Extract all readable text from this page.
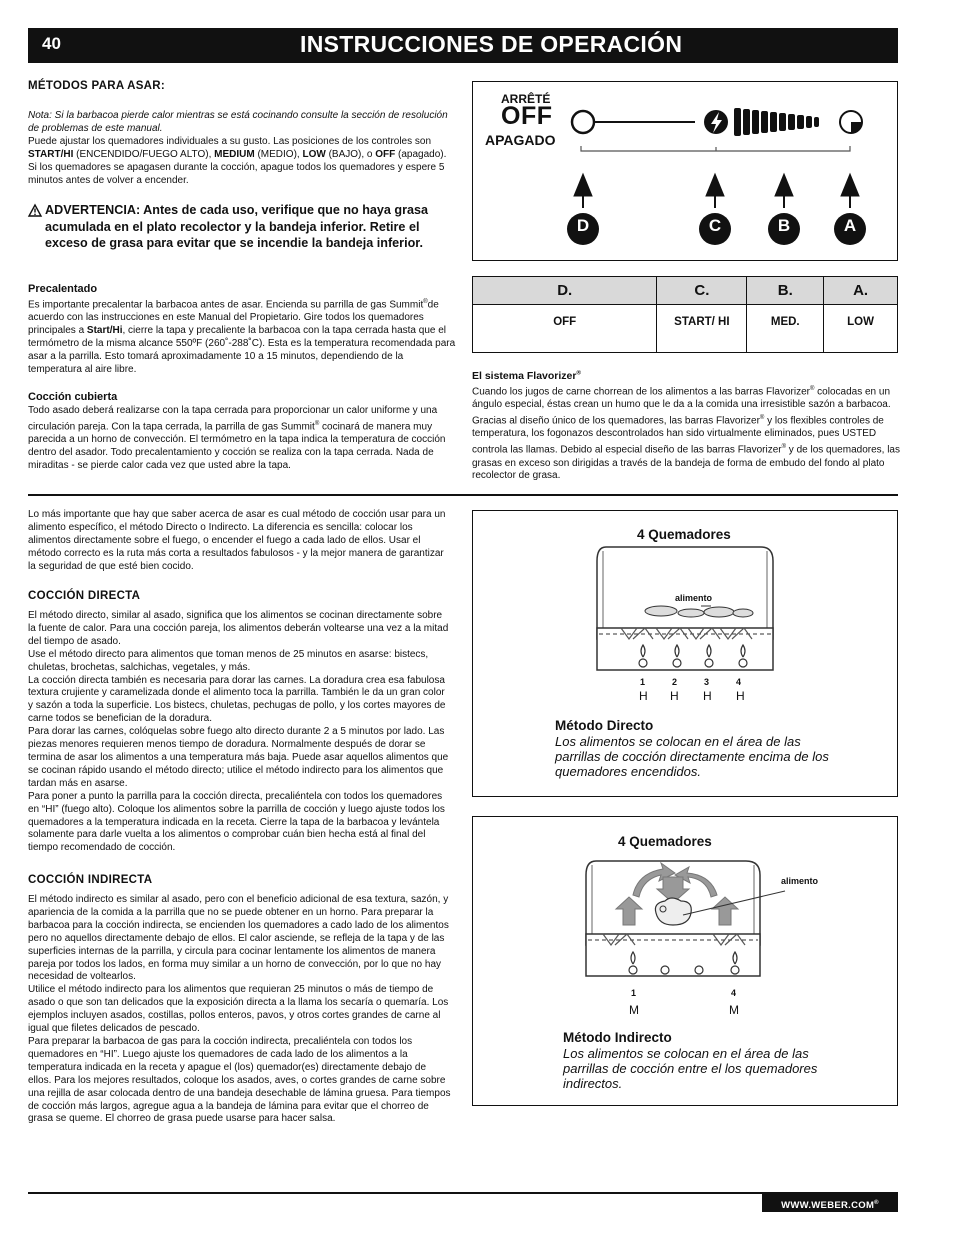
40	INSTRUCCIONES DE OPERACIÓN
MÉTODOS PARA ASAR:

Nota: Si la barbacoa pierde calor mientras se está cocinando consulte la sección de resolución de problemas de este manual.

Puede ajustar los quemadores individuales a su gusto. Las posiciones de los controles son START/HI (ENCENDIDO/FUEGO ALTO), MEDIUM (MEDIO), LOW (BAJO), o OFF (apagado).

Si los quemadores se apagasen durante la cocción, apague todos los quemadores y espere 5 minutos antes de volver a encender.

ADVERTENCIA: Antes de cada uso, verifique que no haya grasa acumulada en el plato recolector y la bandeja inferior. Retire el exceso de grasa para evitar que se incendie la bandeja inferior.
Precalentado
Es importante precalentar la barbacoa antes de asar. Encienda su parrilla de gas Summit®de acuerdo con las instrucciones en este Manual del Propietario. Gire todos los quemadores principales a Start/Hi, cierre la tapa y precaliente la barbacoa con la tapa cerrada hasta que el termómetro de la misma alcance 550ºF (260˚-288˚C). Esta es la temperatura recomendada para asar a la parrilla. Esto tomará aproximadamente 10 a 15 minutos, dependiendo de la temperatura al aire libre.
Cocción cubierta
Todo asado deberá realizarse con la tapa cerrada para proporcionar un calor uniforme y una circulación pareja. Con la tapa cerrada, la parrilla de gas Summit® cocinará de manera muy parecida a un horno de convección. El termómetro en la tapa indica la temperatura de cocción dentro del asador. Todo precalentamiento y cocción se realiza con la tapa cerrada. Nada de miraditas - se pierde calor cada vez que usted abre la tapa.
ARRÊTÉ
OFF
APAGADO
D	C	B	A
D.	C.	B.	A.
OFF	START/ HI	MED.	LOW
El sistema Flavorizer®
Cuando los jugos de carne chorrean de los alimentos a las barras Flavorizer® colocadas en un ángulo especial, éstas crean un humo que le da a la comida una irresistible sazón a barbacoa. Gracias al diseño único de los quemadores, las barras Flavorizer® y los flexibles controles de temperatura, los fogonazos descontrolados han sido virtualmente eliminados, pues USTED controla las llamas. Debido al especial diseño de las barras Flavorizer® y de los quemadores, las grasas en exceso son dirigidas a través de la bandeja de forma de embudo del fondo al plato recolector de grasa.
Lo más importante que hay que saber acerca de asar es cual método de cocción usar para un alimento específico, el método Directo o Indirecto. La diferencia es sencilla: colocar los alimentos directamente sobre el fuego, o encender el fuego a cada lado de ellos. Usar el método correcto es la ruta más corta a resultados fabulosos - y la mejor manera de garantizar la seguridad de que esté bien cocido.
COCCIÓN DIRECTA

El método directo, similar al asado, significa que los alimentos se cocinan directamente sobre la fuente de calor. Para una cocción pareja, los alimentos deberán voltearse una vez a la mitad del tiempo de asado.

Use el método directo para alimentos que toman menos de 25 minutos en asarse: bistecs, chuletas, brochetas, salchichas, vegetales, y más.

La cocción directa también es necesaria para dorar las carnes. La doradura crea esa fabulosa textura crujiente y caramelizada donde el alimento toca la parrilla. También le da un gran color y sazón a toda la superficie. Los bistecs, chuletas, pechugas de pollo, y los cortes mayores de carne todos se benefician de la doradura.

Para dorar las carnes, colóquelas sobre fuego alto directo durante 2 a 5 minutos por lado. Las piezas menores requieren menos tiempo de doradura. Normalmente después de dorar se termina de asar los alimentos a una temperatura más baja. Puede asar aquellos alimentos que se cocinan rápido usando el método directo; utilice el método indirecto para los alimentos que tardan más en asarse.

Para poner a punto la parrilla para la cocción directa, precaliéntela con todos los quemadores en “HI” (fuego alto). Coloque los alimentos sobre la parrilla de cocción y luego ajuste todos los quemadores a la temperatura indicada en la receta. Cierre la tapa de la barbacoa y levántela solamente para darle vuelta a los alimentos o comprobar cuán bien hecha está al final del tiempo recomendado de cocción.

COCCIÓN INDIRECTA

El método indirecto es similar al asado, pero con el beneficio adicional de esa textura, sazón, y apariencia de la comida a la parrilla que no se puede obtener en un horno. Para preparar la barbacoa para la cocción indirecta, se encienden los quemadores a cado lado de los alimentos pero no aquellos directamente debajo de ellos. El calor asciende, se refleja de la tapa y de las superficies internas de la parrilla, y circula para cocinar lentamente los alimentos de manera pareja por todos los lados, en forma muy similar a un horno de convección, por lo que no hay necesidad de voltearlos.

Utilice el método indirecto para los alimentos que requieran 25 minutos o más de tiempo de asado o que son tan delicados que la exposición directa a la llama los secaría o quemaría. Los ejemplos incluyen asados, costillas, pollos enteros, pavos, y otros cortes grandes de carne al igual que filetes delicados de pescado.

Para preparar la barbacoa de gas para la cocción indirecta, precaliéntela con todos los quemadores en “HI”. Luego ajuste los quemadores de cada lado de los alimentos a la temperatura indicada en la receta y apague el (los) quemador(es) directamente debajo de ellos. Para los mejores resultados, coloque los asados, aves, o cortes grandes de carne sobre una rejilla de asar colocada dentro de una bandeja desechable de lámina gruesa. Para tiempos de cocción más largos, agregue agua a la bandeja de lámina para evitar que el chorreo de grasa se queme. El chorreo de grasa puede usarse para hacer salsa.

4 Quemadores
alimento
1	2	3	4
H H H H
Método Directo
Los alimentos se colocan en el área de las parrillas de cocción directamente encima de los quemadores encendidos.
4 Quemadores
alimento
1	4
M	M
Método Indirecto
Los alimentos se colocan en el área de las parrillas de cocción entre el los quemadores indirectos.
WWW.WEBER.COM®
